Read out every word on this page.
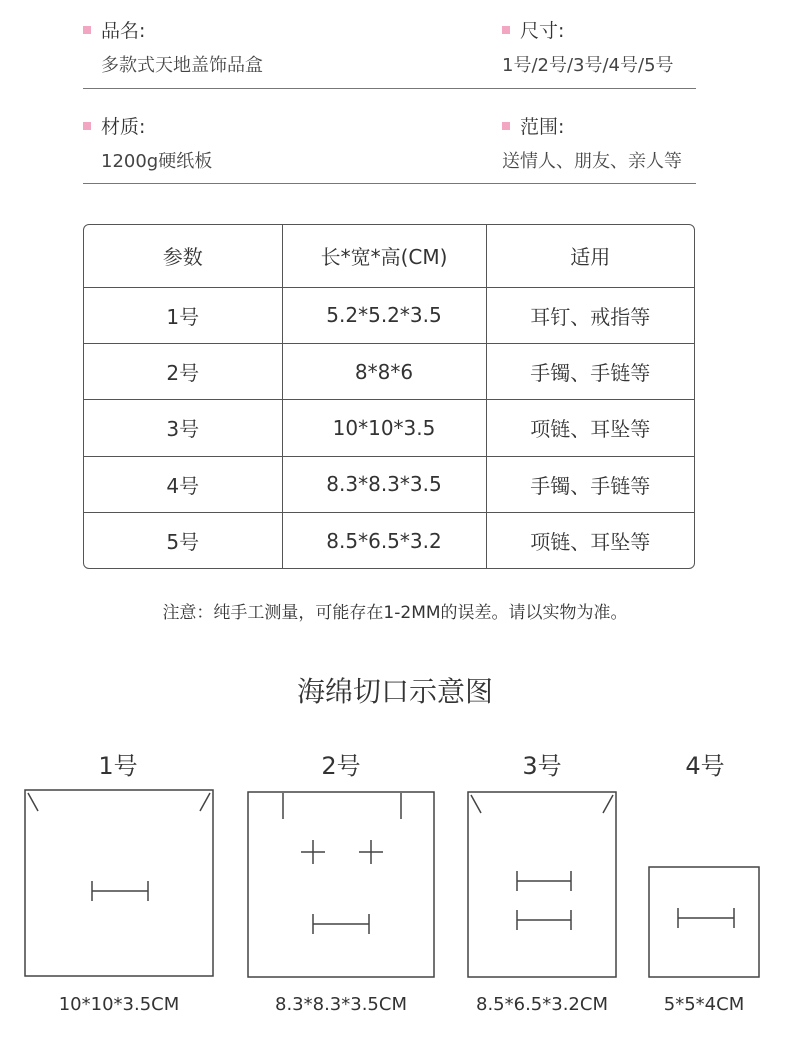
品名:
多款式天地盖饰品盒
尺寸:
1号/2号/3号/4号/5号
材质:
1200g硬纸板
范围:
送情人、朋友、亲人等
参数	长*宽*高(CM)	适用
1号	5.2*5.2*3.5	耳钉、戒指等
2号	8*8*6	手镯、手链等
3号	10*10*3.5	项链、耳坠等
4号	8.3*8.3*3.5	手镯、手链等
5号	8.5*6.5*3.2	项链、耳坠等
注意：纯手工测量，可能存在1-2MM的误差。请以实物为准。
海绵切口示意图
1号	2号	3号	4号
10*10*3.5CM	8.3*8.3*3.5CM	8.5*6.5*3.2CM	5*5*4CM
